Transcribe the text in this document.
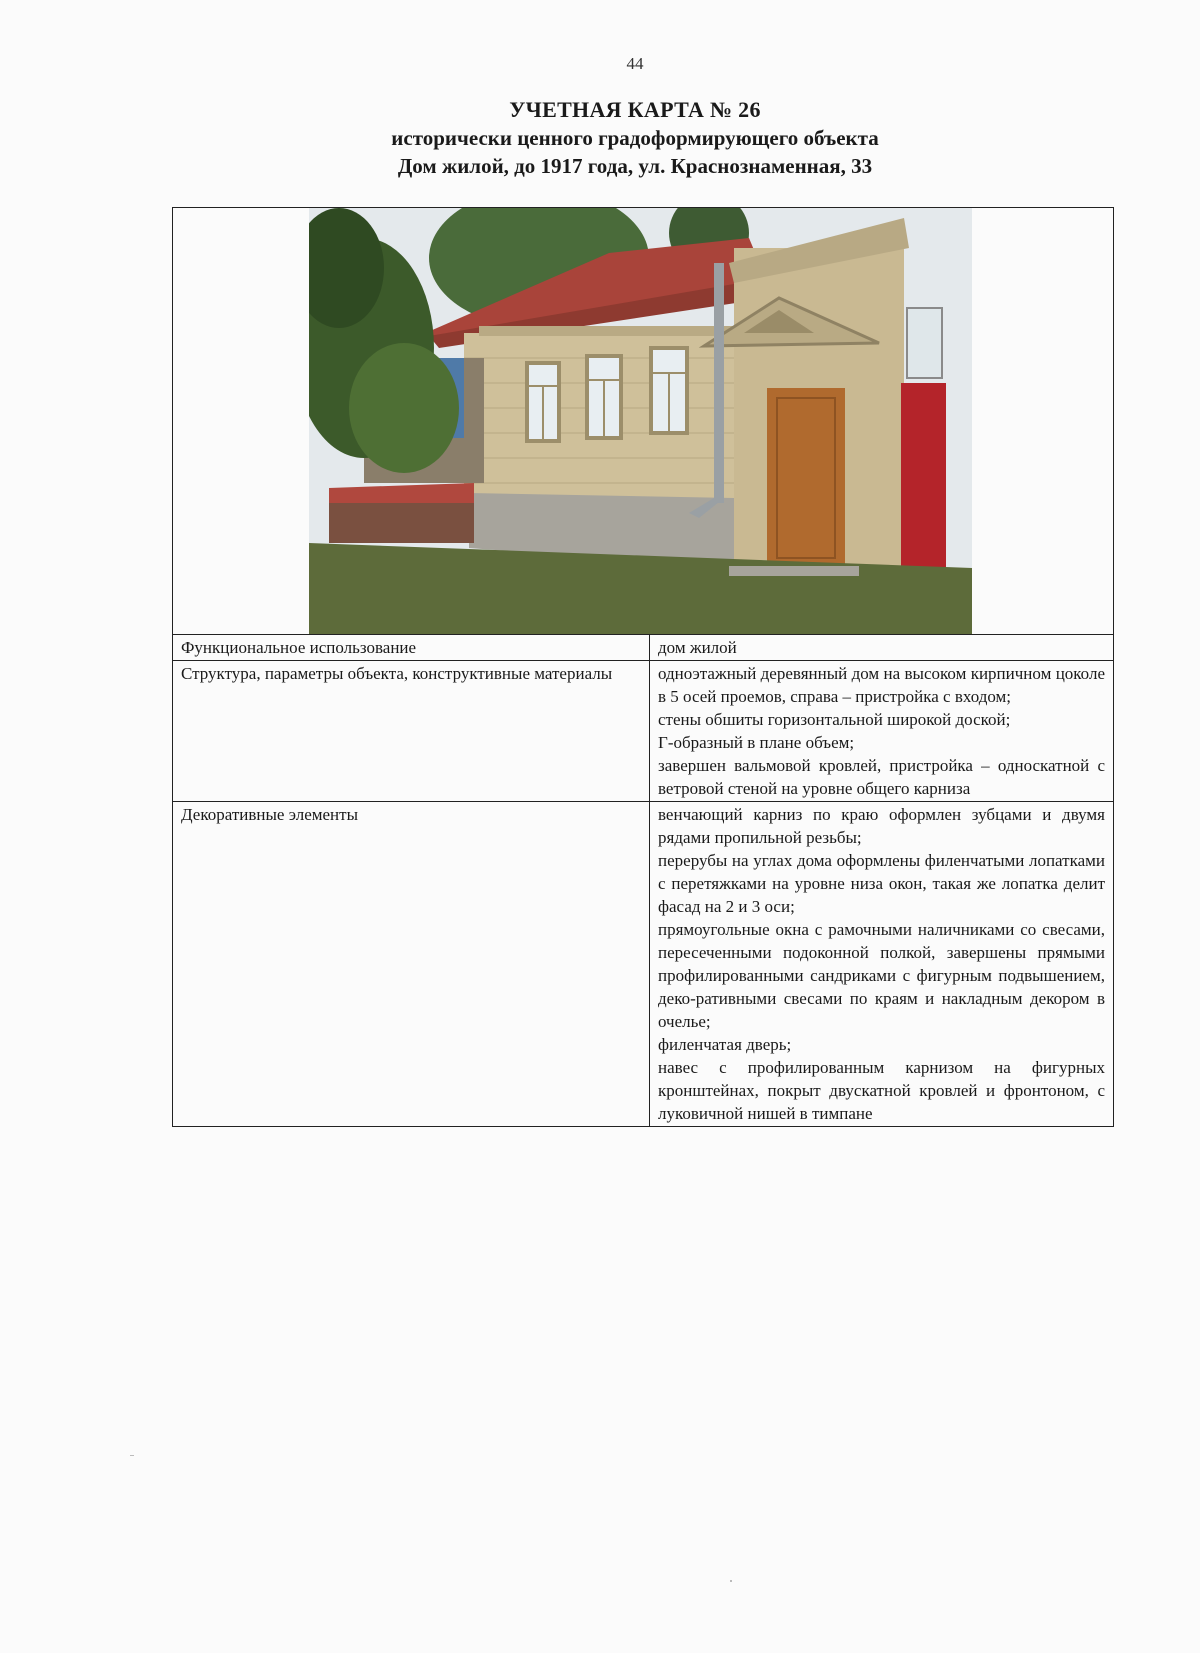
44
УЧЕТНАЯ КАРТА № 26
исторически ценного градоформирующего объекта
Дом жилой, до 1917 года, ул. Краснознаменная, 33

Функциональное использование	дом жилой

Структура, параметры объекта, конструктивные материалы	одноэтажный деревянный дом на высоком кирпичном цоколе в 5 осей проемов, справа – пристройка с входом;
стены обшиты горизонтальной широкой доской;
Г-образный в плане объем;
завершен вальмовой кровлей, пристройка – односкатной с ветровой стеной на уровне общего карниза

Декоративные элементы	венчающий карниз по краю оформлен зубцами и двумя рядами пропильной резьбы;
перерубы на углах дома оформлены филенчатыми лопатками с перетяжками на уровне низа окон, такая же лопатка делит фасад на 2 и 3 оси;
прямоугольные окна с рамочными наличниками со свесами, пересеченными подоконной полкой, завершены прямыми профилированными сандриками с фигурным подвышением, деко-ративными свесами по краям и накладным декором в очелье;
филенчатая дверь;
навес с профилированным карнизом на фигурных кронштейнах, покрыт двускатной кровлей и фронтоном, с луковичной нишей в тимпане
